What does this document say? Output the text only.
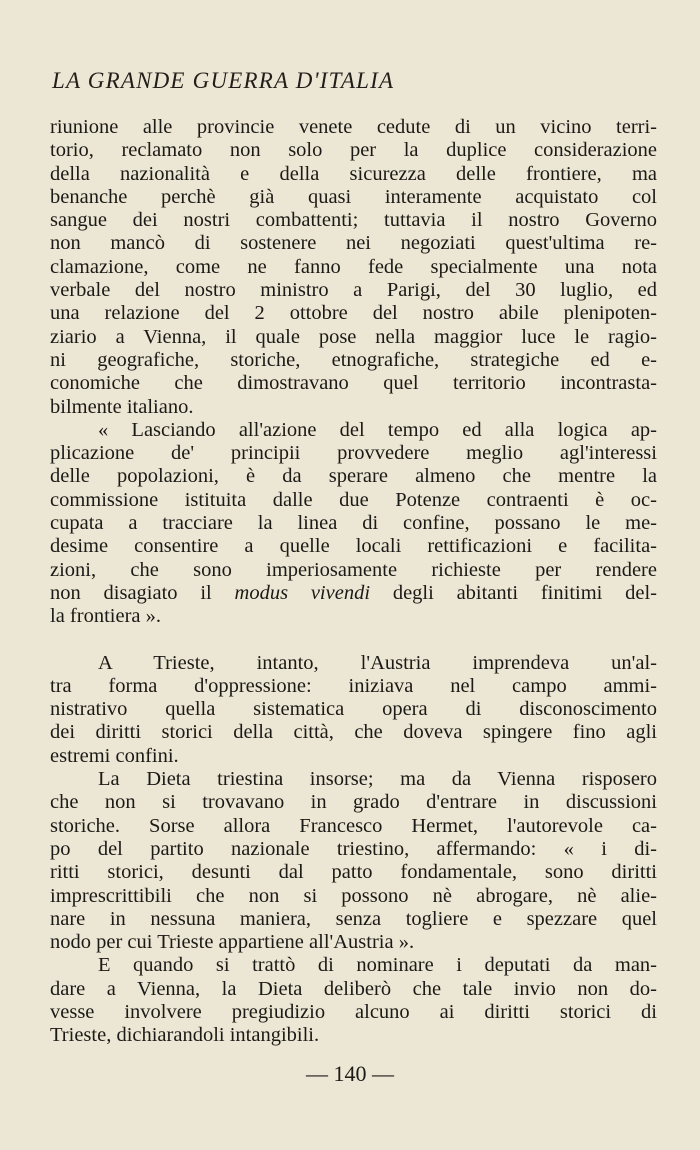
LA GRANDE GUERRA D'ITALIA
riunione alle provincie venete cedute di un vicino terri-
torio, reclamato non solo per la duplice considerazione
della nazionalità e della sicurezza delle frontiere, ma
benanche perchè già quasi interamente acquistato col
sangue dei nostri combattenti; tuttavia il nostro Governo
non mancò di sostenere nei negoziati quest'ultima re-
clamazione, come ne fanno fede specialmente una nota
verbale del nostro ministro a Parigi, del 30 luglio, ed
una relazione del 2 ottobre del nostro abile plenipoten-
ziario a Vienna, il quale pose nella maggior luce le ragio-
ni geografiche, storiche, etnografiche, strategiche ed e-
conomiche che dimostravano quel territorio incontrasta-
bilmente italiano.
« Lasciando all'azione del tempo ed alla logica ap-
plicazione de' principii provvedere meglio agl'interessi
delle popolazioni, è da sperare almeno che mentre la
commissione istituita dalle due Potenze contraenti è oc-
cupata a tracciare la linea di confine, possano le me-
desime consentire a quelle locali rettificazioni e facilita-
zioni, che sono imperiosamente richieste per rendere
non disagiato il modus vivendi degli abitanti finitimi del-
la frontiera ».
A Trieste, intanto, l'Austria imprendeva un'al-
tra forma d'oppressione: iniziava nel campo ammi-
nistrativo quella sistematica opera di disconoscimento
dei diritti storici della città, che doveva spingere fino agli
estremi confini.
La Dieta triestina insorse; ma da Vienna risposero
che non si trovavano in grado d'entrare in discussioni
storiche. Sorse allora Francesco Hermet, l'autorevole ca-
po del partito nazionale triestino, affermando: « i di-
ritti storici, desunti dal patto fondamentale, sono diritti
imprescrittibili che non si possono nè abrogare, nè alie-
nare in nessuna maniera, senza togliere e spezzare quel
nodo per cui Trieste appartiene all'Austria ».
E quando si trattò di nominare i deputati da man-
dare a Vienna, la Dieta deliberò che tale invio non do-
vesse involvere pregiudizio alcuno ai diritti storici di
Trieste, dichiarandoli intangibili.
— 140 —
